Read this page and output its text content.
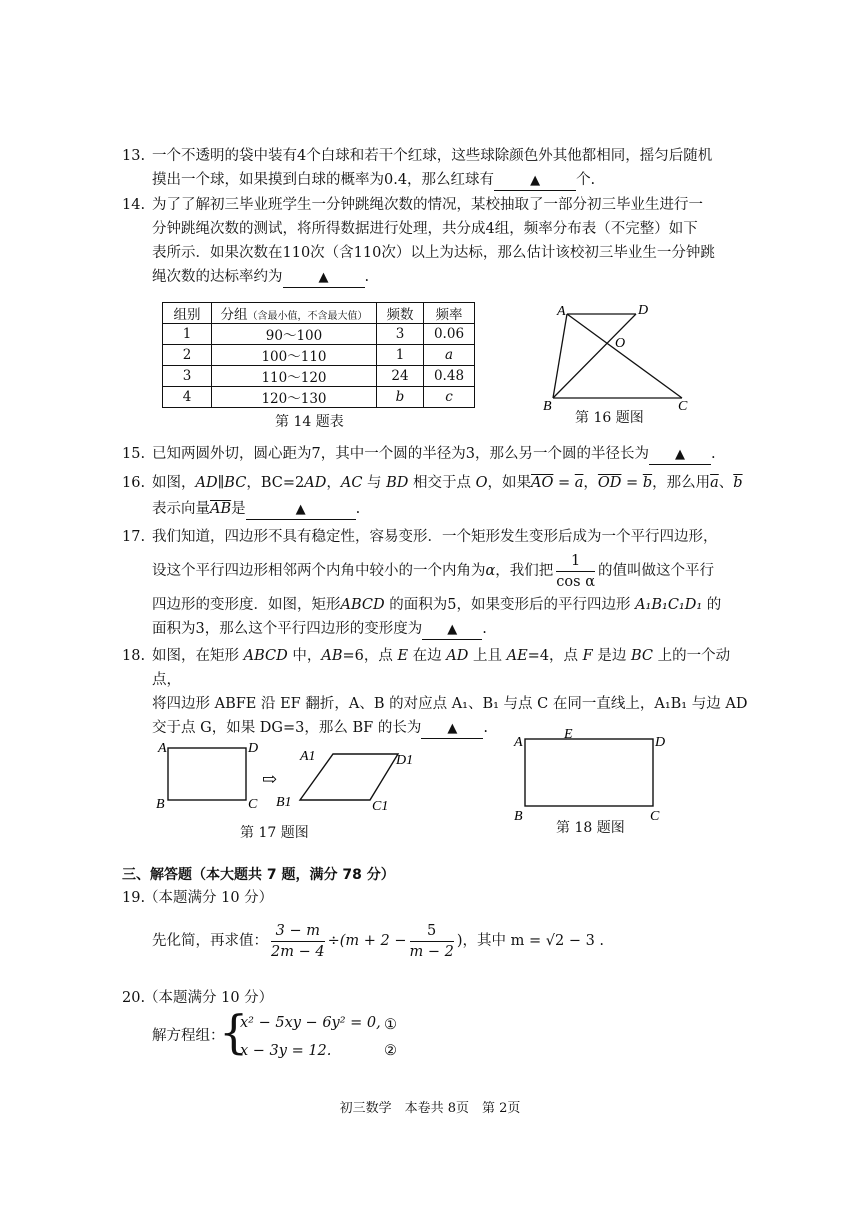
13. 一个不透明的袋中装有4个白球和若干个红球，这些球除颜色外其他都相同，摇匀后随机
摸出一个球，如果摸到白球的概率为0.4，那么红球有	▲ 个.
14. 为了了解初三毕业班学生一分钟跳绳次数的情况，某校抽取了一部分初三毕业生进行一
分钟跳绳次数的测试，将所得数据进行处理，共分成4组，频率分布表（不完整）如下
表所示．如果次数在110次（含110次）以上为达标，那么估计该校初三毕业生一分钟跳
绳次数的达标率约为	▲ .
组别	分组（含最小值，不含最大值）	频数	频率
1	90～100	3	0.06
2	100～110	1	a
3	110～120	24	0.48
4	120～130	b	c
第 14 题表
A	D
O
B	C
第 16 题图
15. 已知两圆外切，圆心距为7，其中一个圆的半径为3，那么另一个圆的半径长为 ▲ .
16. 如图，AD∥BC，BC=2AD，AC 与 BD 相交于点 O，如果$\overline{AO} = \overline{a}$，$\overline{OD} = \overline{b}$，那么用$\overline{a}$、$\overline{b}$
表示向量$\overline{AB}$是	▲	.
17. 我们知道，四边形不具有稳定性，容易变形．一个矩形发生变形后成为一个平行四边形，
设这个平行四边形相邻两个内角中较小的一个内角为α，我们把 $\frac{1}{\text{cos α}}$ 的值叫做这个平行
四边形的变形度．如图，矩形ABCD 的面积为5，如果变形后的平行四边形 A₁B₁C₁D₁ 的
面积为3，那么这个平行四边形的变形度为 ▲ .
18. 如图，在矩形 ABCD 中，AB=6，点 E 在边 AD 上且 AE=4，点 F 是边 BC 上的一个动点，
将四边形 ABFE 沿 EF 翻折，A、B 的对应点 A₁、B₁ 与点 C 在同一直线上，A₁B₁ 与边 AD
交于点 G，如果 DG=3，那么 BF 的长为 ▲ .
A	D
B	C
⇨
A1	D1
B1	C1
第 17 题图
A
E
D
B	C
第 18 题图
三、解答题（本大题共 7 题，满分 78 分）
19.
（本题满分 10 分）
先化简，再求值： $\frac{3 - m}{2m - 4} \div(m + 2 - \frac{5}{m - 2}$ )，其中 m = √2 − 3 .
20.
（本题满分 10 分）
解方程组：
{
x² − 5xy − 6y² = 0,
x − 3y = 12.
①
②
初三数学　本卷共 8页　第 2页
